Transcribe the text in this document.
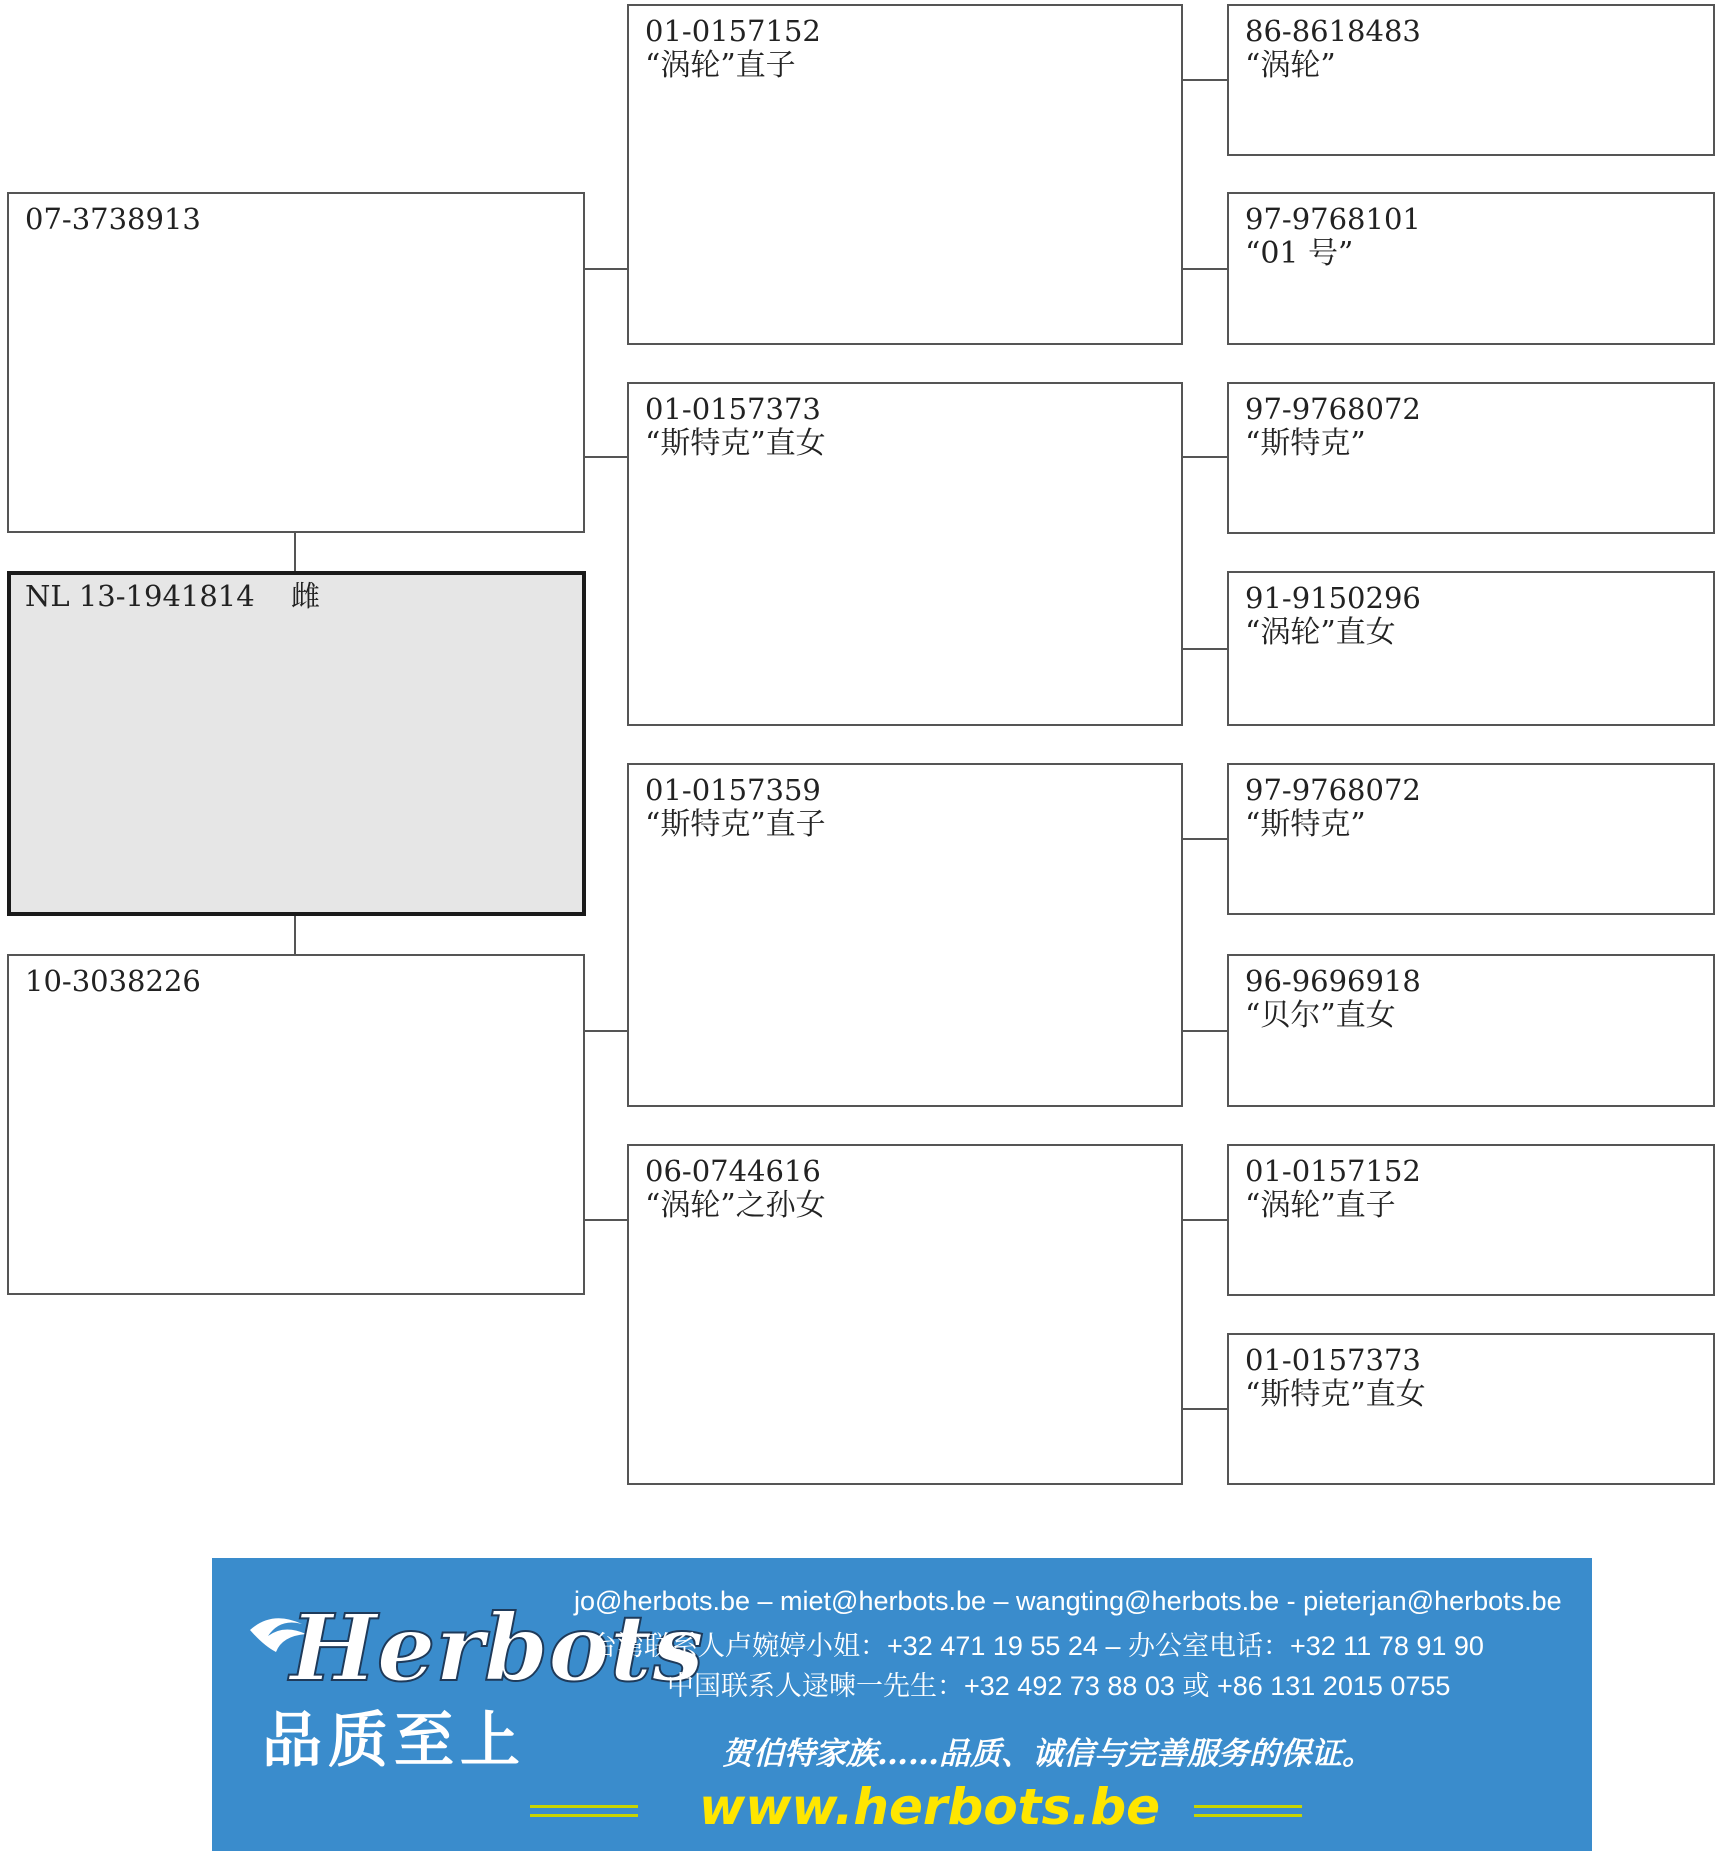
07-3738913
NL 13-1941814 雌
10-3038226
01-0157152
“涡轮”直子
01-0157373
“斯特克”直女
01-0157359
“斯特克”直子
06-0744616
“涡轮”之孙女
86-8618483
“涡轮”
97-9768101
“01 号”
97-9768072
“斯特克”
91-9150296
“涡轮”直女
97-9768072
“斯特克”
96-9696918
“贝尔”直女
01-0157152
“涡轮”直子
01-0157373
“斯特克”直女
Herbots
品质至上
jo@herbots.be – miet@herbots.be – wangting@herbots.be - pieterjan@herbots.be
台湾联系人卢婉婷小姐：+32 471 19 55 24 – 办公室电话：+32 11 78 91 90
中国联系人逯暕一先生：+32 492 73 88 03 或 +86 131 2015 0755
贺伯特家族……品质、诚信与完善服务的保证。
www.herbots.be
